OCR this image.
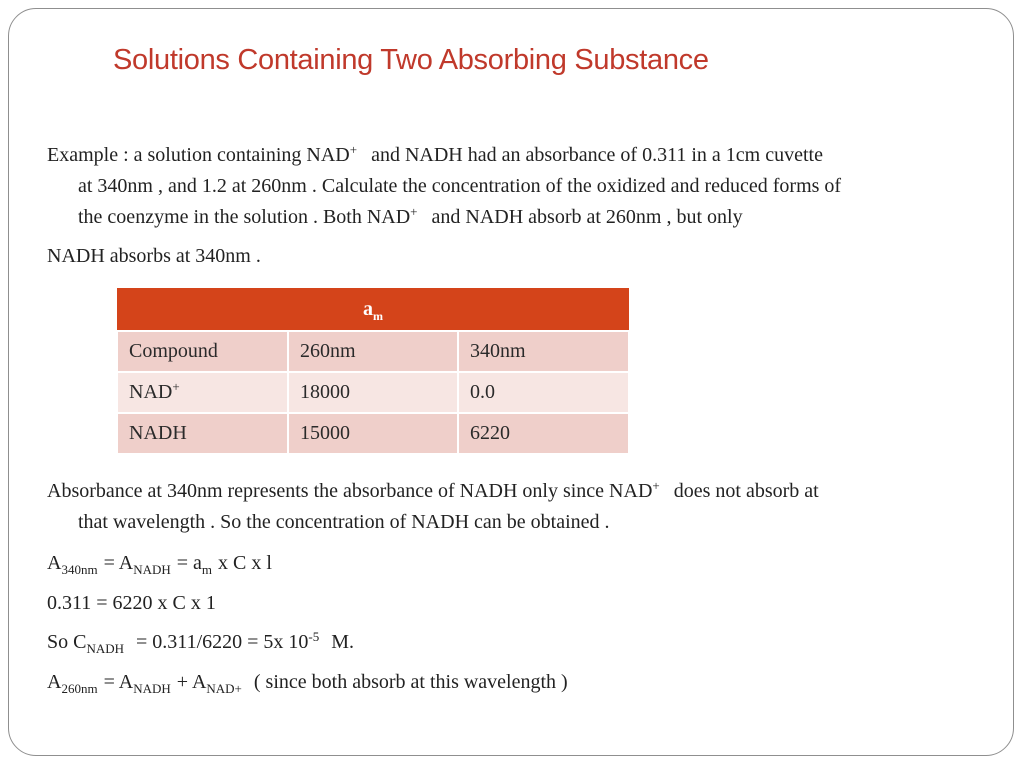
Solutions Containing Two Absorbing Substance
Example : a solution containing NAD+ and NADH had an absorbance of 0.311 in a 1cm cuvette
at 340nm , and 1.2 at 260nm . Calculate the concentration of the oxidized and reduced forms of
the coenzyme in the solution . Both NAD+ and NADH absorb at 260nm , but only
NADH absorbs at 340nm .
$a_m$
Compound	260nm	340nm
NAD+	18000	0.0
NADH	15000	6220
Absorbance at 340nm represents the absorbance of NADH only since NAD+ does not absorb at
that wavelength . So the concentration of NADH can be obtained .
$A_{340nm} = A_{NADH} = a_m$ x C x l
0.311 = 6220 x C x 1
So $C_{NADH} = 0.311/6220 = 5x$ $10^{-5}$ M.
$A_{260nm} = A_{NADH} + A_{NAD+}$ ( since both absorb at this wavelength )
